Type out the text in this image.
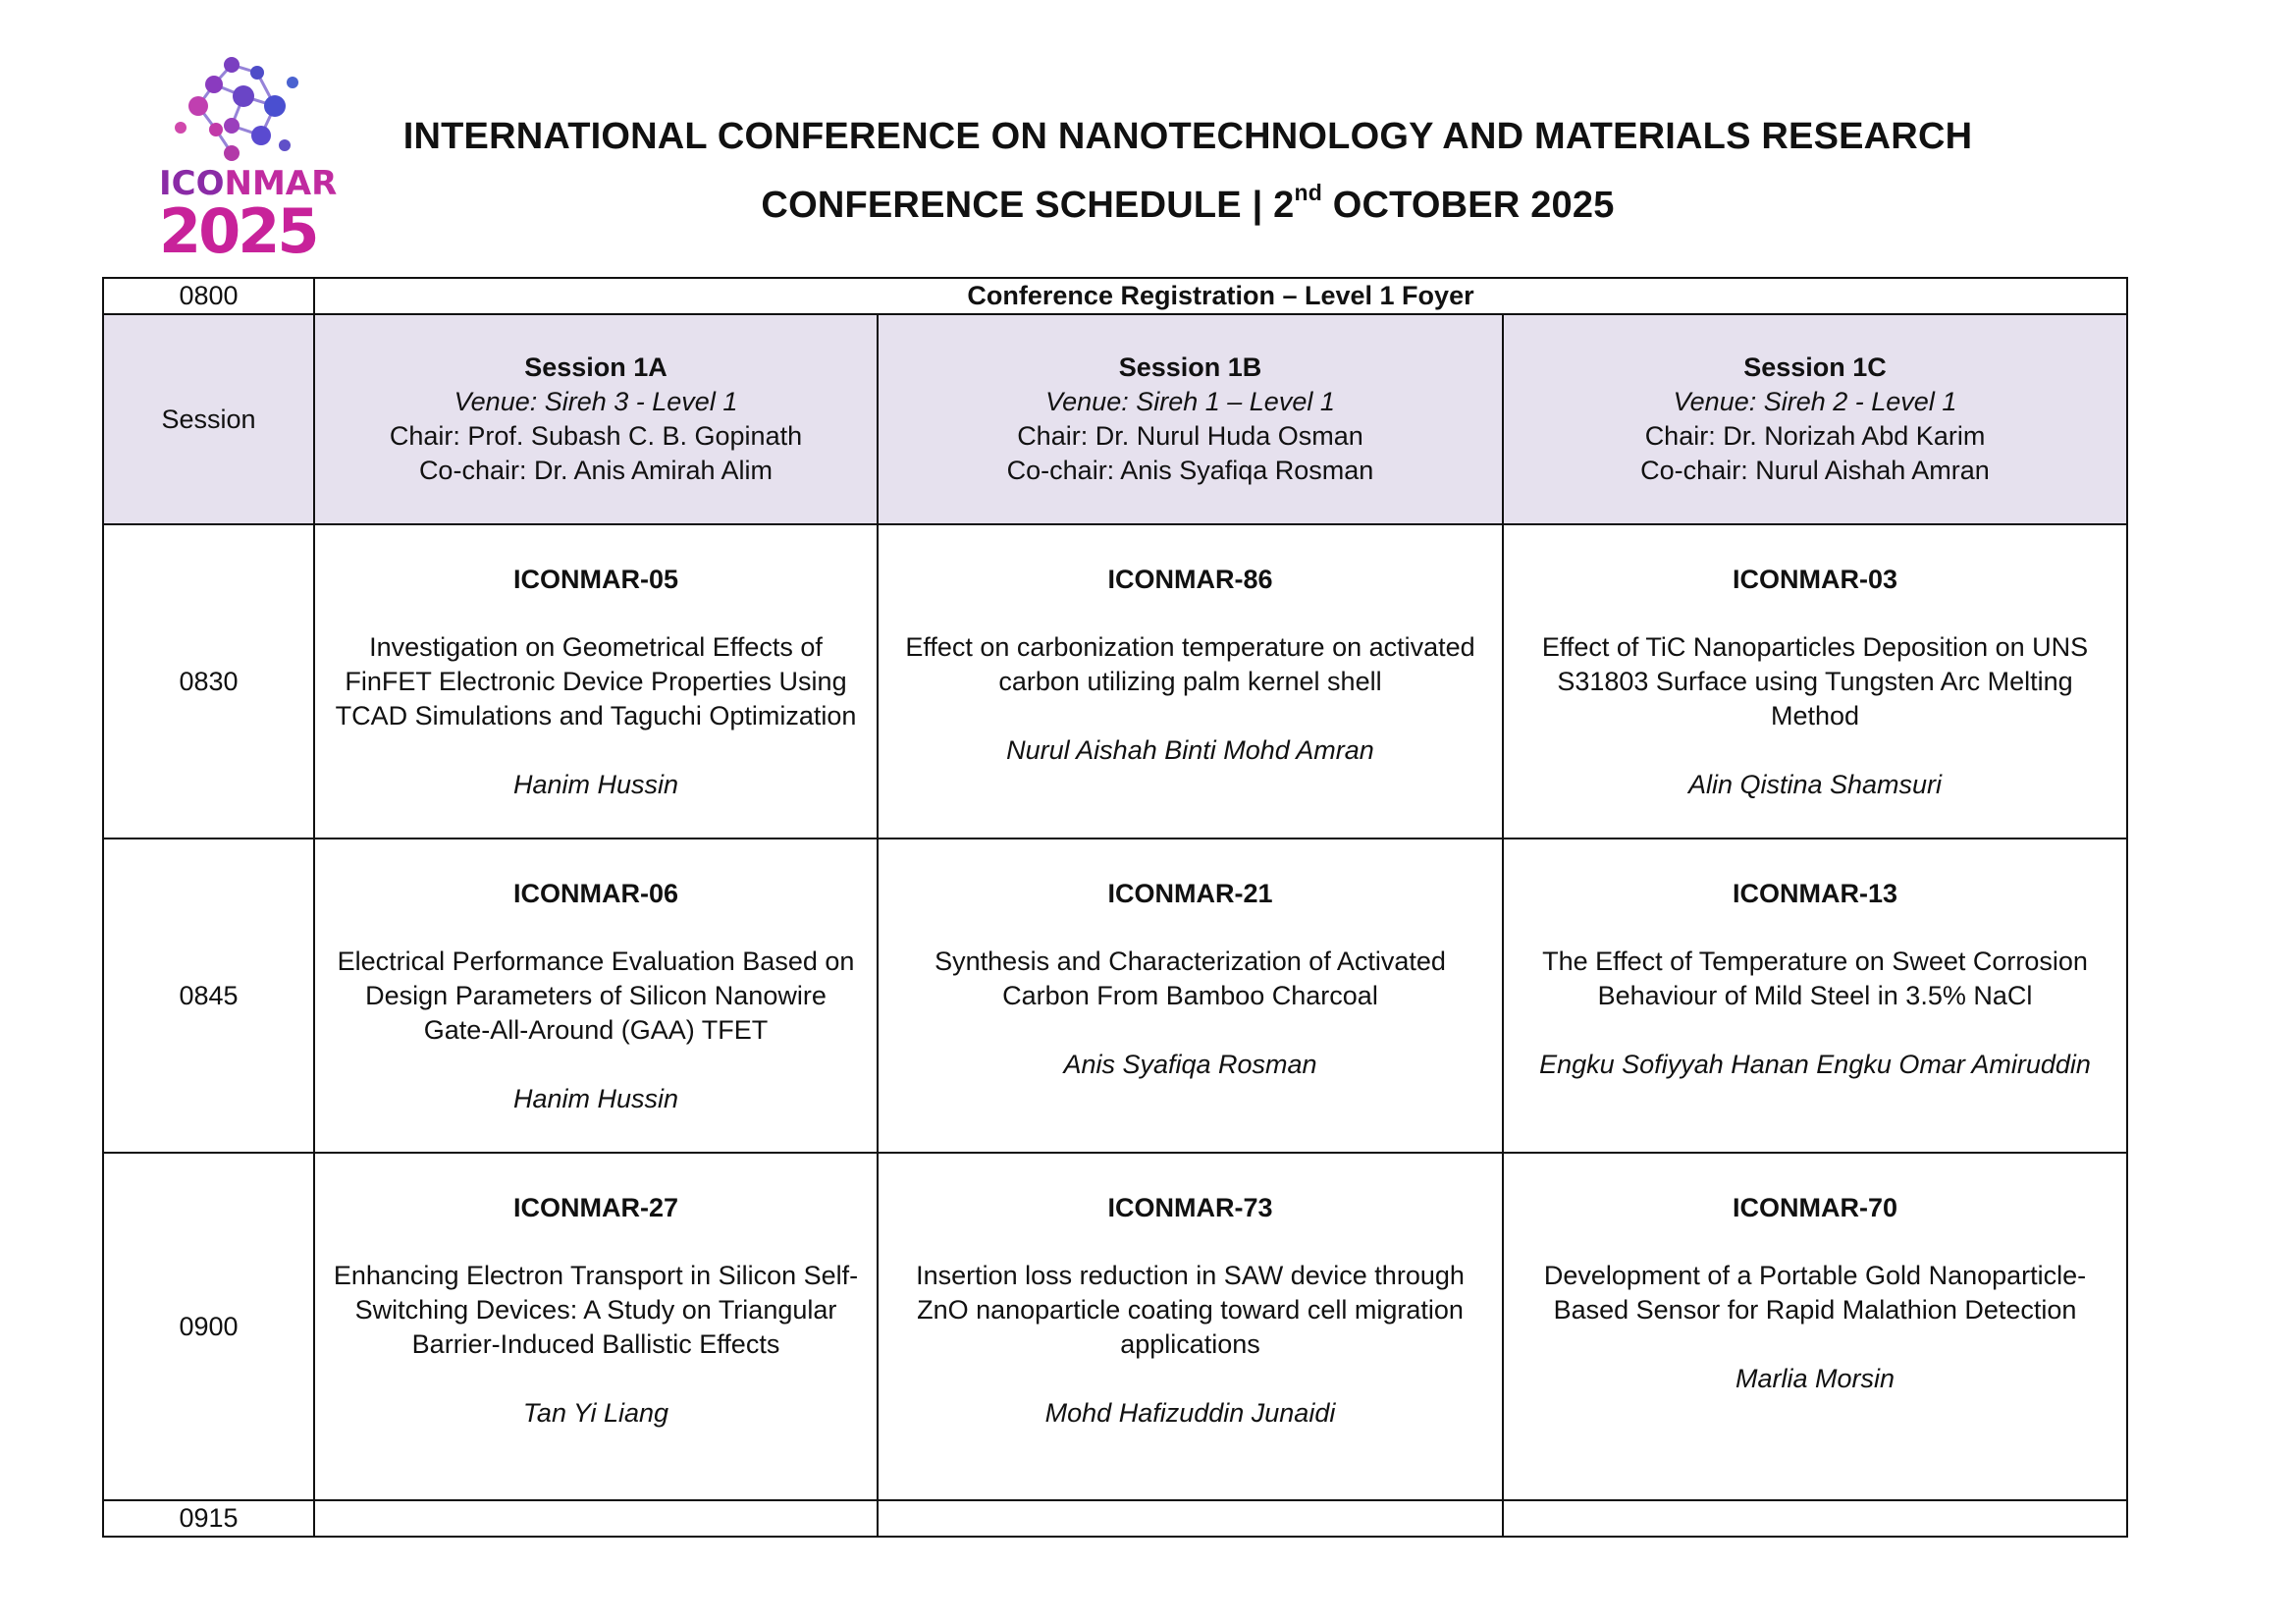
ICONMAR
2025
INTERNATIONAL CONFERENCE ON NANOTECHNOLOGY AND MATERIALS RESEARCH
CONFERENCE SCHEDULE | 2nd OCTOBER 2025
0800	Conference Registration – Level 1 Foyer		
Session	Session 1A
Venue: Sireh 3 - Level 1
Chair: Prof. Subash C. B. Gopinath
Co-chair: Dr. Anis Amirah Alim	Session 1B
Venue: Sireh 1 – Level 1
Chair: Dr. Nurul Huda Osman
Co-chair: Anis Syafiqa Rosman	Session 1C
Venue: Sireh 2 - Level 1
Chair: Dr. Norizah Abd Karim
Co-chair: Nurul Aishah Amran

0830	ICONMAR-05
Investigation on Geometrical Effects of FinFET Electronic Device Properties Using TCAD Simulations and Taguchi Optimization
Hanim Hussin	ICONMAR-86
Effect on carbonization temperature on activated carbon utilizing palm kernel shell
Nurul Aishah Binti Mohd Amran	ICONMAR-03
Effect of TiC Nanoparticles Deposition on UNS S31803 Surface using Tungsten Arc Melting Method
Alin Qistina Shamsuri

0845	ICONMAR-06
Electrical Performance Evaluation Based on Design Parameters of Silicon Nanowire Gate-All-Around (GAA) TFET
Hanim Hussin	ICONMAR-21
Synthesis and Characterization of Activated Carbon From Bamboo Charcoal
Anis Syafiqa Rosman	ICONMAR-13
The Effect of Temperature on Sweet Corrosion Behaviour of Mild Steel in 3.5% NaCl
Engku Sofiyyah Hanan Engku Omar Amiruddin

0900	ICONMAR-27
Enhancing Electron Transport in Silicon Self-Switching Devices: A Study on Triangular Barrier-Induced Ballistic Effects
Tan Yi Liang	ICONMAR-73
Insertion loss reduction in SAW device through ZnO nanoparticle coating toward cell migration applications
Mohd Hafizuddin Junaidi	ICONMAR-70
Development of a Portable Gold Nanoparticle-Based Sensor for Rapid Malathion Detection
Marlia Morsin

0915			
